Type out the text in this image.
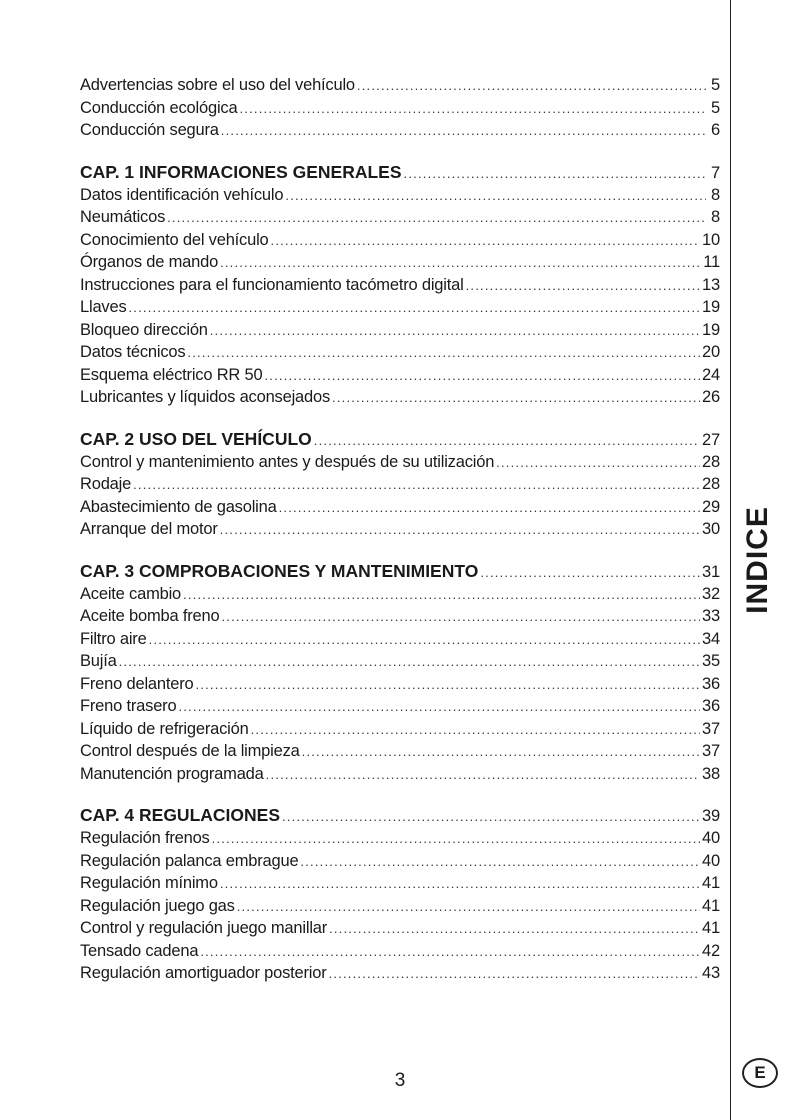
Advertencias sobre el uso del vehículo .....	5
Conducción ecológica .....	5
Conducción segura .....	6
CAP. 1 INFORMACIONES GENERALES .....	7
Datos identificación vehículo .....	8
Neumáticos .....	8
Conocimiento del vehículo .....	10
Órganos de mando .....	11
Instrucciones para el funcionamiento tacómetro digital .....	13
Llaves .....	19
Bloqueo dirección .....	19
Datos técnicos .....	20
Esquema eléctrico RR 50 .....	24
Lubricantes y líquidos aconsejados .....	26
CAP. 2 USO DEL VEHÍCULO .....	27
Control y mantenimiento antes y después de su utilización .....	28
Rodaje .....	28
Abastecimiento de gasolina .....	29
Arranque del motor .....	30
CAP. 3 COMPROBACIONES Y MANTENIMIENTO .....	31
Aceite cambio .....	32
Aceite bomba freno .....	33
Filtro aire .....	34
Bujía .....	35
Freno delantero .....	36
Freno trasero .....	36
Líquido de refrigeración .....	37
Control después de la limpieza .....	37
Manutención programada .....	38
CAP. 4 REGULACIONES .....	39
Regulación frenos .....	40
Regulación palanca embrague .....	40
Regulación mínimo .....	41
Regulación juego gas .....	41
Control y regulación juego manillar .....	41
Tensado cadena .....	42
Regulación amortiguador posterior .....	43
INDICE
E
3
